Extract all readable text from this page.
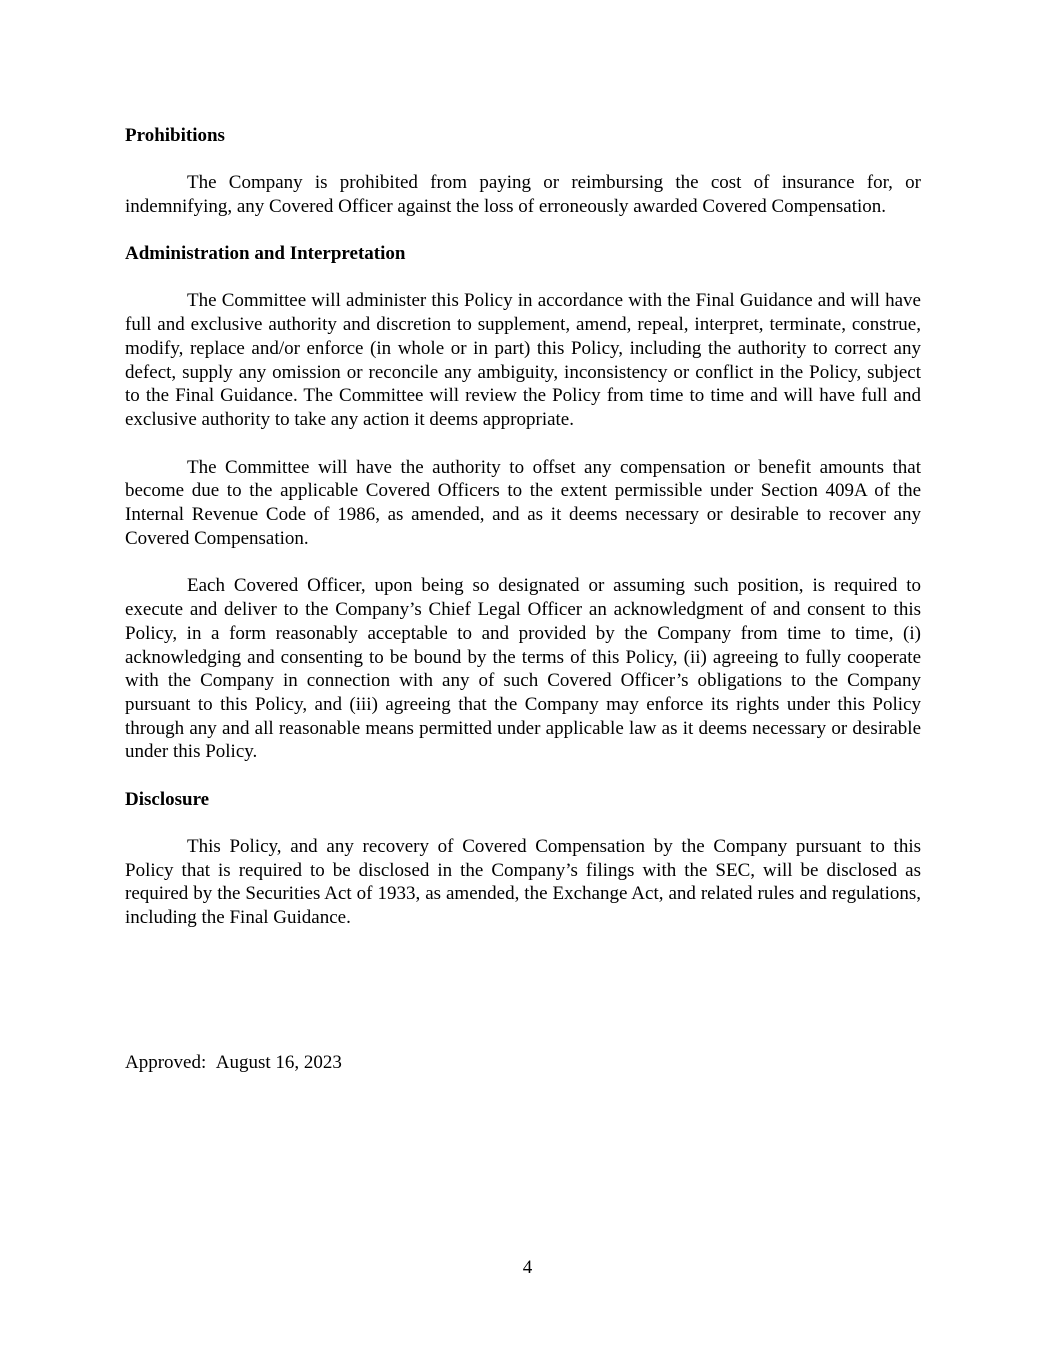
Prohibitions

The Company is prohibited from paying or reimbursing the cost of insurance for, or indemnifying, any Covered Officer against the loss of erroneously awarded Covered Compensation.

Administration and Interpretation

The Committee will administer this Policy in accordance with the Final Guidance and will have full and exclusive authority and discretion to supplement, amend, repeal, interpret, terminate, construe, modify, replace and/or enforce (in whole or in part) this Policy, including the authority to correct any defect, supply any omission or reconcile any ambiguity, inconsistency or conflict in the Policy, subject to the Final Guidance. The Committee will review the Policy from time to time and will have full and exclusive authority to take any action it deems appropriate.

The Committee will have the authority to offset any compensation or benefit amounts that become due to the applicable Covered Officers to the extent permissible under Section 409A of the Internal Revenue Code of 1986, as amended, and as it deems necessary or desirable to recover any Covered Compensation.

Each Covered Officer, upon being so designated or assuming such position, is required to execute and deliver to the Company’s Chief Legal Officer an acknowledgment of and consent to this Policy, in a form reasonably acceptable to and provided by the Company from time to time, (i) acknowledging and consenting to be bound by the terms of this Policy, (ii) agreeing to fully cooperate with the Company in connection with any of such Covered Officer’s obligations to the Company pursuant to this Policy, and (iii) agreeing that the Company may enforce its rights under this Policy through any and all reasonable means permitted under applicable law as it deems necessary or desirable under this Policy.

Disclosure

This Policy, and any recovery of Covered Compensation by the Company pursuant to this Policy that is required to be disclosed in the Company’s filings with the SEC, will be disclosed as required by the Securities Act of 1933, as amended, the Exchange Act, and related rules and regulations, including the Final Guidance.

Approved:  August 16, 2023
4
